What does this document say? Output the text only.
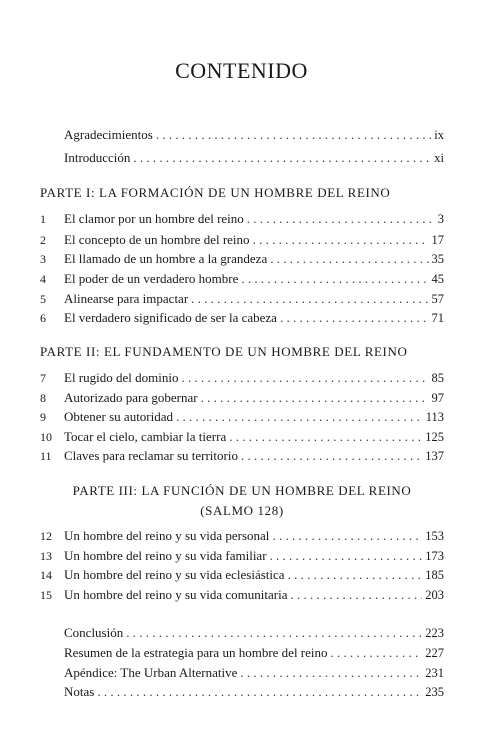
CONTENIDO
Agradecimientos . . .	ix
Introducción . . .	xi
PARTE I: LA FORMACIÓN DE UN HOMBRE DEL REINO
1	El clamor por un hombre del reino . . .	3
2	El concepto de un hombre del reino . . .	17
3	El llamado de un hombre a la grandeza . . .	35
4	El poder de un verdadero hombre . . .	45
5	Alinearse para impactar . . .	57
6	El verdadero significado de ser la cabeza . . .	71
PARTE II: EL FUNDAMENTO DE UN HOMBRE DEL REINO
7	El rugido del dominio . . .	85
8	Autorizado para gobernar . . .	97
9	Obtener su autoridad . . .	113
10 Tocar el cielo, cambiar la tierra . . .	125
11 Claves para reclamar su territorio . . .	137
PARTE III: LA FUNCIÓN DE UN HOMBRE DEL REINO
(SALMO 128)
12 Un hombre del reino y su vida personal . . .	153
13 Un hombre del reino y su vida familiar . . .	173
14 Un hombre del reino y su vida eclesiástica . . .	185
15 Un hombre del reino y su vida comunitaria . . .	203
Conclusión . . .	223
Resumen de la estrategia para un hombre del reino . . .	227
Apéndice: The Urban Alternative . . .	231
Notas . . .	235
